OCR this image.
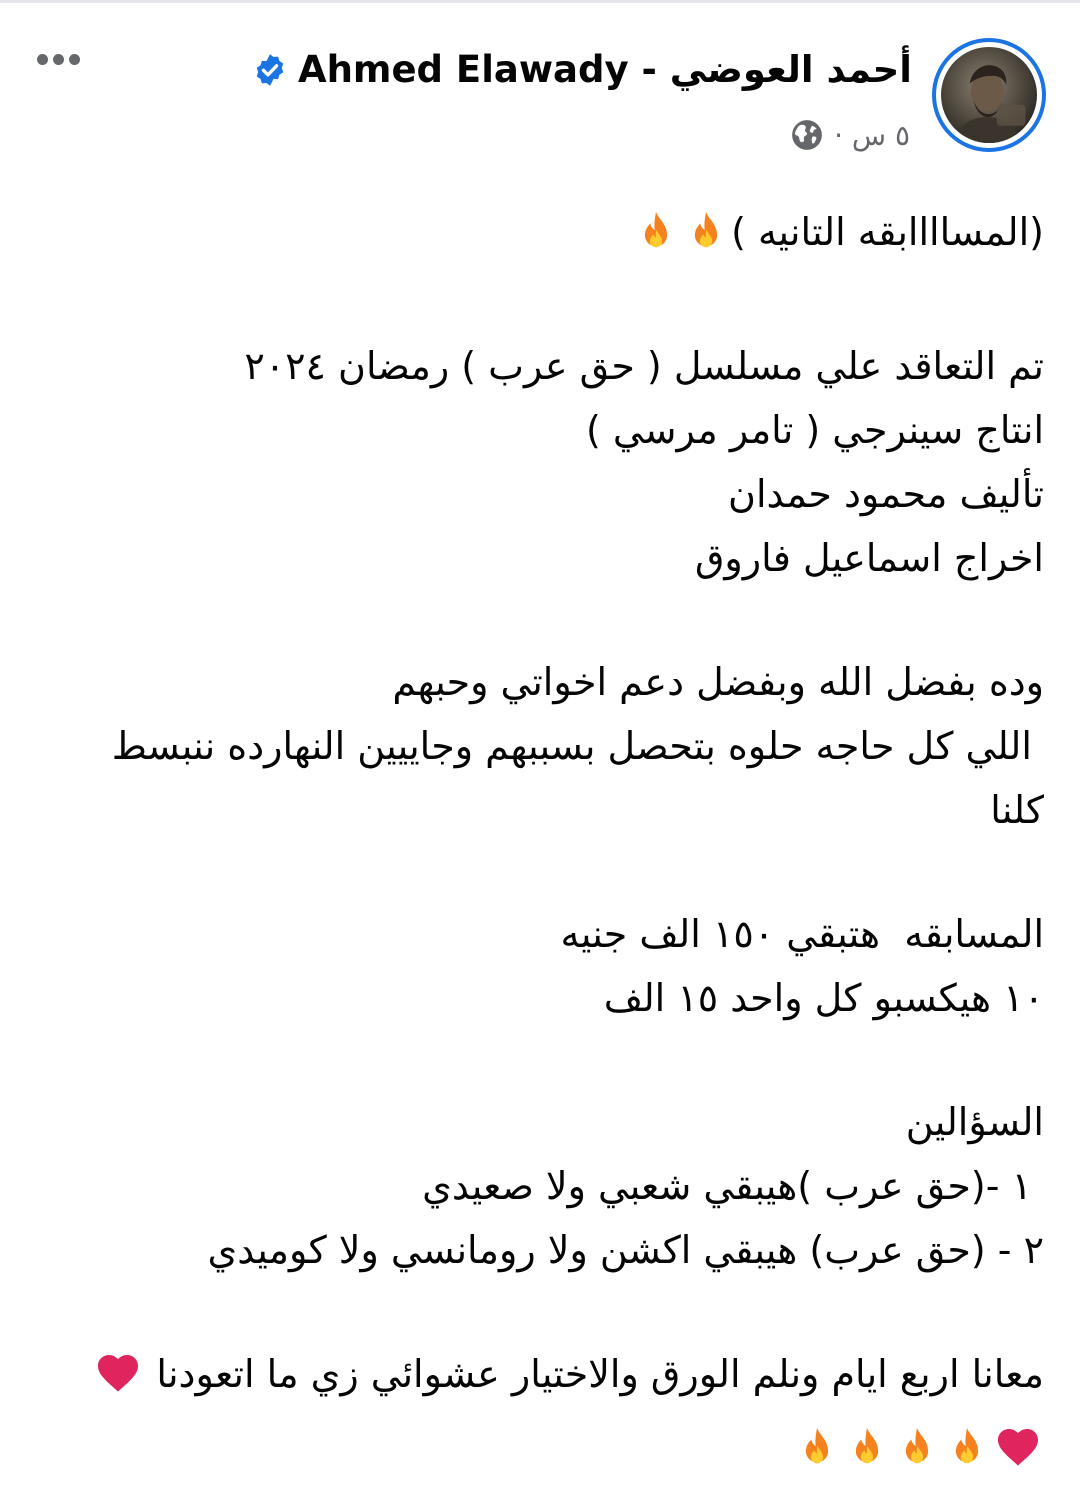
Ahmed Elawady - أحمد العوضي
٥ س ·
(المساااابقه التانيه )
تم التعاقد علي مسلسل ( حق عرب ) رمضان ٢٠٢٤
انتاج سينرجي ( تامر مرسي )
تأليف محمود حمدان
اخراج اسماعيل فاروق
وده بفضل الله وبفضل دعم اخواتي وحبهم
اللي كل حاجه حلوه بتحصل بسببهم وجاييين النهارده ننبسط
كلنا
المسابقه  هتبقي ١٥٠ الف جنيه
١٠ هيكسبو كل واحد ١٥ الف
السؤالين
١ -(حق عرب )هيبقي شعبي ولا صعيدي
٢ - (حق عرب) هيبقي اكشن ولا رومانسي ولا كوميدي
معانا اربع ايام ونلم الورق والاختيار عشوائي زي ما اتعودنا
